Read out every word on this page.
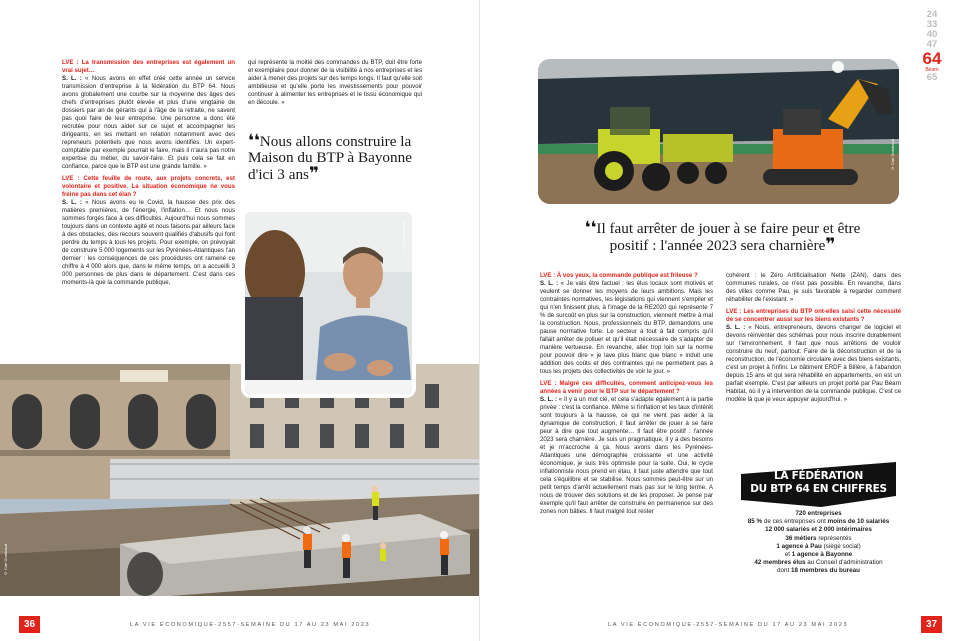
LVE : La transmission des entreprises est également un vrai sujet…
S. L. : « Nous avons en effet créé cette année un service transmission d'entreprise à la fédération du BTP 64. Nous avons globalement une courbe sur la moyenne des âges des chefs d'entreprises plutôt élevée et plus d'une vingtaine de dossiers par an de gérants qui à l'âge de la retraite, ne savent pas quoi faire de leur entreprise. Une personne a donc été recrutée pour nous aider sur ce sujet et accompagner les dirigeants, en les mettant en relation notamment avec des repreneurs potentiels que nous avons identifiés. Un expert-comptable par exemple pourrait le faire, mais il n'aura pas notre expertise du métier, du savoir-faire. Et puis cela se fait en confiance, parce que le BTP est une grande famille. »

LVE : Cette feuille de route, aux projets concrets, est volontaire et positive. La situation économique ne vous freine pas dans cet élan ?
S. L. : « Nous avons eu le Covid, la hausse des prix des matières premières, de l'énergie, l'inflation… Et nous nous sommes forgés face à ces difficultés. Aujourd'hui nous sommes toujours dans un contexte agité et nous faisons par ailleurs face à des obstacles, des recours souvent qualifiés d'abusifs qui font perdre du temps à tous les projets. Pour exemple, on prévoyait de construire 5 000 logements sur les Pyrénées-Atlantiques l'an dernier : les conséquences de ces procédures ont ramené ce chiffre à 4 000 alors que, dans le même temps, on a accueilli 3 000 personnes de plus dans le département. C'est dans ces moments-là que la commande publique,

qui représente la moitié des commandes du BTP, doit être forte et exemplaire pour donner de la visibilité à nos entreprises et les aider à mener des projets sur des temps longs. Il faut qu'elle soit ambitieuse et qu'elle porte les investissements pour pouvoir continuer à alimenter les entreprises et le tissu économique qui en découle. »

❛❛Nous allons construire la Maison du BTP à Bayonne d'ici 3 ans❞
© Carl Gombaud
© Carl Gombaud
36	LA VIE ÉCONOMIQUE-2557-SEMAINE DU 17 AU 23 MAI 2023
© Carl Gombaud
❛❛Il faut arrêter de jouer à se faire peur et être positif : l'année 2023 sera charnière❞

LVE : À vos yeux, la commande publique est frileuse ?
S. L. : « Je vais être factuel : les élus locaux sont motivés et veulent se donner les moyens de leurs ambitions. Mais les contraintes normatives, les législations qui viennent s'empiler et qui n'en finissent plus, à l'image de la RE2020 qui représente 7 % de surcoût en plus sur la construction, viennent mettre à mal la construction. Nous, professionnels du BTP, demandons une pause normative forte. Le secteur a tout à fait compris qu'il fallait arrêter de polluer et qu'il était nécessaire de s'adapter de manière vertueuse. En revanche, aller trop loin sur la norme pour pouvoir dire « je lave plus blanc que blanc » induit une addition des coûts et des contraintes qui ne permettent pas à tous les projets des collectivités de voir le jour. »

LVE : Malgré ces difficultés, comment anticipez-vous les années à venir pour le BTP sur le département ?
S. L. : « Il y a un mot clé, et cela s'adapte également à la partie privée : c'est la confiance. Même si l'inflation et les taux d'intérêt sont toujours à la hausse, ce qui ne vient pas aider à la dynamique de construction, il faut arrêter de jouer à se faire peur à dire que tout augmente… Il faut être positif : l'année 2023 sera charnière. Je suis un pragmatique, il y a des besoins et je m'accroche à ça. Nous avons dans les Pyrénées-Atlantiques une démographie croissante et une activité économique, je suis très optimiste pour la suite. Oui, le cycle inflationniste nous prend en étau, il faut juste attendre que tout cela s'équilibre et se stabilise. Nous sommes peut-être sur un petit temps d'arrêt actuellement mais pas sur le long terme. A nous de trouver des solutions et de les proposer. Je pense par exemple qu'il faut arrêter de construire en permanence sur des zones non bâties. Il faut malgré tout rester

cohérent : le Zéro Artificialisation Nette (ZAN), dans des communes rurales, ce n'est pas possible. En revanche, dans des villes comme Pau, je suis favorable à regarder comment réhabiliter de l'existant. »

LVE : Les entreprises du BTP ont-elles saisi cette nécessité de se concentrer aussi sur les biens existants ?
S. L. : « Nous, entrepreneurs, devons changer de logiciel et devons réinventer des schémas pour nous inscrire durablement sur l'environnement. Il faut que nous arrêtions de vouloir construire du neuf, partout. Faire de la déconstruction et de la reconstruction, de l'économie circulaire avec des biens existants, c'est un projet à l'infini. Le bâtiment ERDF à Billère, à l'abandon depuis 15 ans et qui sera réhabilité en appartements, en est un parfait exemple. C'est par ailleurs un projet porté par Pau Béarn Habitat, où il y a intervention de la commande publique. C'est ce modèle là que je veux appuyer aujourd'hui. »

37
LA VIE ÉCONOMIQUE-2557-SEMAINE DU 17 AU 23 MAI 2023
24
33
40
47
64
Béarn
65
LA FÉDÉRATION
DU BTP 64 EN CHIFFRES
720 entreprises
85 % de ces entreprises ont moins de 10 salariés
12 000 salariés et 2 000 intérimaires
36 métiers représentés
1 agence à Pau (siège social)
et 1 agence à Bayonne
42 membres élus au Conseil d'administration
dont 18 membres du bureau
